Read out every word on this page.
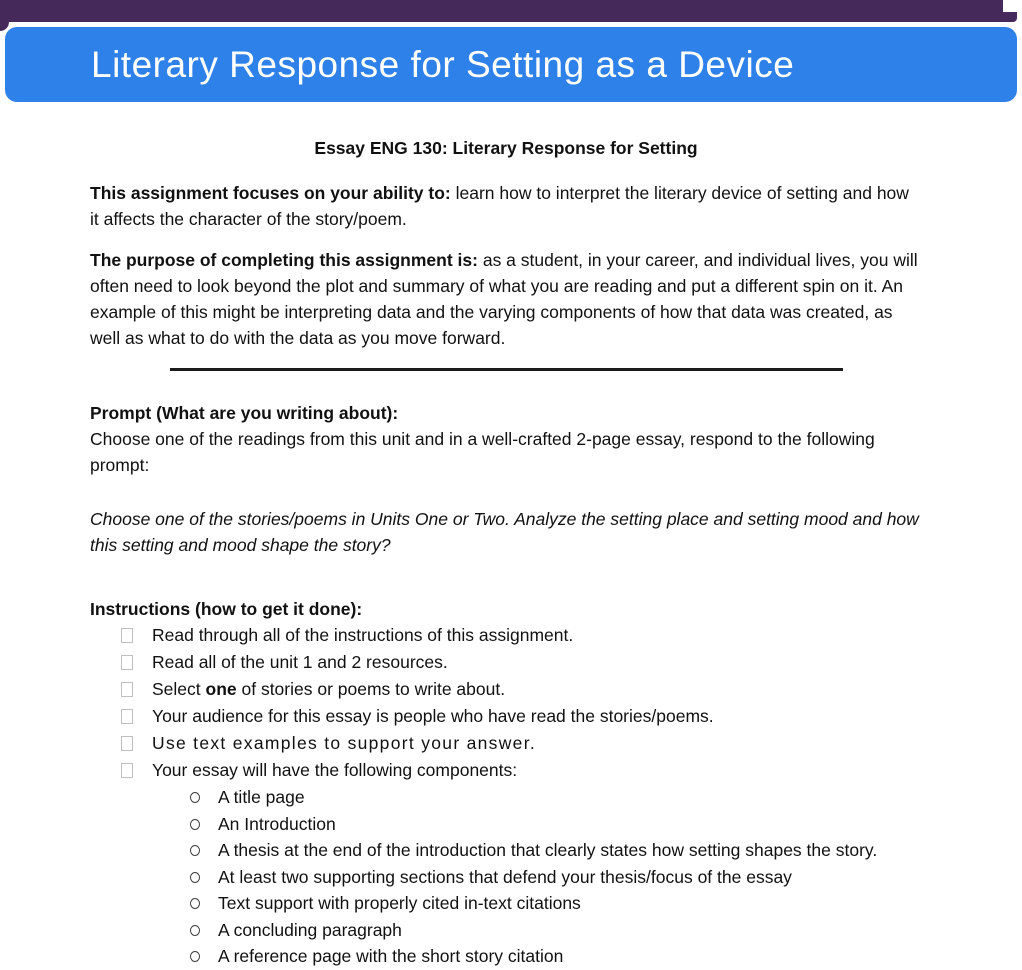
Literary Response for Setting as a Device
Essay ENG 130: Literary Response for Setting

This assignment focuses on your ability to: learn how to interpret the literary device of setting and how it affects the character of the story/poem.

The purpose of completing this assignment is: as a student, in your career, and individual lives, you will often need to look beyond the plot and summary of what you are reading and put a different spin on it. An example of this might be interpreting data and the varying components of how that data was created, as well as what to do with the data as you move forward.

Prompt (What are you writing about):
Choose one of the readings from this unit and in a well-crafted 2-page essay, respond to the following prompt:

Choose one of the stories/poems in Units One or Two. Analyze the setting place and setting mood and how this setting and mood shape the story?

Instructions (how to get it done):
Read through all of the instructions of this assignment.
Read all of the unit 1 and 2 resources.
Select one of stories or poems to write about.
Your audience for this essay is people who have read the stories/poems.
Use text examples to support your answer.
Your essay will have the following components:
A title page
An Introduction
A thesis at the end of the introduction that clearly states how setting shapes the story.
At least two supporting sections that defend your thesis/focus of the essay
Text support with properly cited in-text citations
A concluding paragraph
A reference page with the short story citation
